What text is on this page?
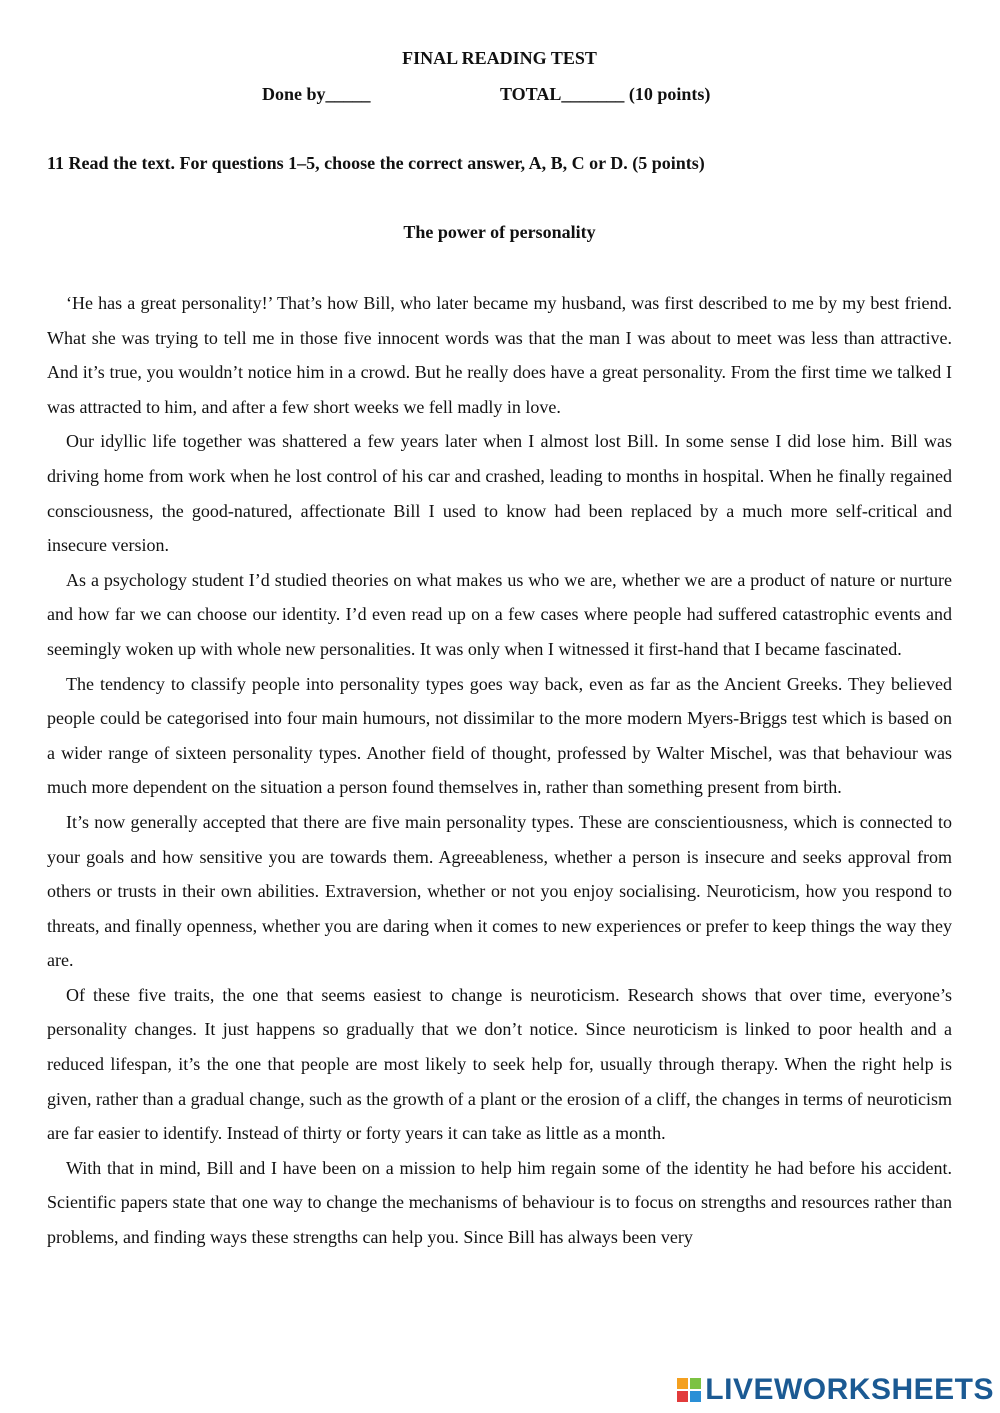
FINAL READING TEST
Done by_____	TOTAL_______ (10 points)
11 Read the text. For questions 1–5, choose the correct answer, A, B, C or D. (5 points)
The power of personality

‘He has a great personality!’ That’s how Bill, who later became my husband, was first described to me by my best friend. What she was trying to tell me in those five innocent words was that the man I was about to meet was less than attractive. And it’s true, you wouldn’t notice him in a crowd. But he really does have a great personality. From the first time we talked I was attracted to him, and after a few short weeks we fell madly in love.

Our idyllic life together was shattered a few years later when I almost lost Bill. In some sense I did lose him. Bill was driving home from work when he lost control of his car and crashed, leading to months in hospital. When he finally regained consciousness, the good-natured, affectionate Bill I used to know had been replaced by a much more self-critical and insecure version.

As a psychology student I’d studied theories on what makes us who we are, whether we are a product of nature or nurture and how far we can choose our identity. I’d even read up on a few cases where people had suffered catastrophic events and seemingly woken up with whole new personalities. It was only when I witnessed it first-hand that I became fascinated.

The tendency to classify people into personality types goes way back, even as far as the Ancient Greeks. They believed people could be categorised into four main humours, not dissimilar to the more modern Myers-Briggs test which is based on a wider range of sixteen personality types. Another field of thought, professed by Walter Mischel, was that behaviour was much more dependent on the situation a person found themselves in, rather than something present from birth.

It’s now generally accepted that there are five main personality types. These are conscientiousness, which is connected to your goals and how sensitive you are towards them. Agreeableness, whether a person is insecure and seeks approval from others or trusts in their own abilities. Extraversion, whether or not you enjoy socialising. Neuroticism, how you respond to threats, and finally openness, whether you are daring when it comes to new experiences or prefer to keep things the way they are.

Of these five traits, the one that seems easiest to change is neuroticism. Research shows that over time, everyone’s personality changes. It just happens so gradually that we don’t notice. Since neuroticism is linked to poor health and a reduced lifespan, it’s the one that people are most likely to seek help for, usually through therapy. When the right help is given, rather than a gradual change, such as the growth of a plant or the erosion of a cliff, the changes in terms of neuroticism are far easier to identify. Instead of thirty or forty years it can take as little as a month.

With that in mind, Bill and I have been on a mission to help him regain some of the identity he had before his accident. Scientific papers state that one way to change the mechanisms of behaviour is to focus on strengths and resources rather than problems, and finding ways these strengths can help you. Since Bill has always been very

LIVEWORKSHEETS
